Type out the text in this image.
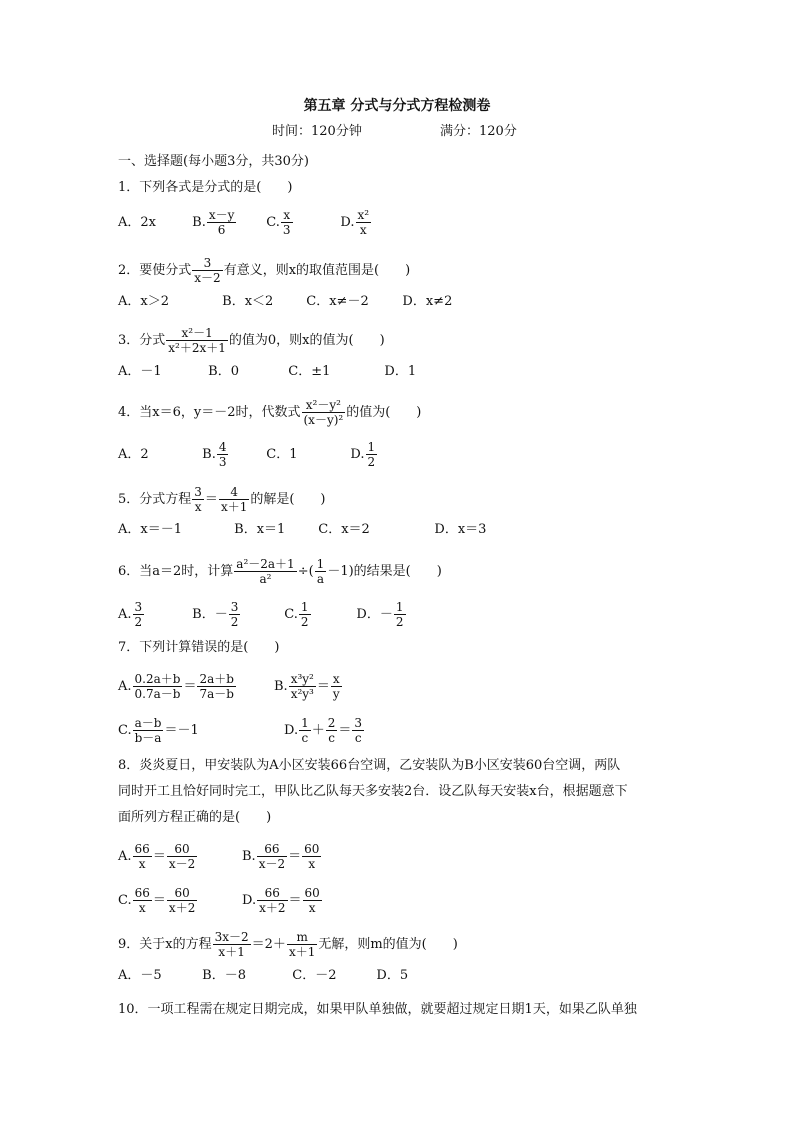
第五章 分式与分式方程检测卷
时间：120分钟	满分：120分
一、选择题(每小题3分，共30分)
1．下列各式是分式的是(　　)
A．2x	B. $\frac{x-y}{6} C$. $\frac{x}{3}$	D. $\frac{\text{x²}}{x}$
2．要使分式 $\frac{3}{x-2}$ 有意义，则x的取值范围是(　　)
A．x＞2	B．x＜2	C．x≠－2	D．x≠2
3．分式 $\frac{\text{x²－1}}{\text{x²＋2x＋1}}$ 的值为0，则x的值为(　　)
A．－1	B．0	C．±1	D．1
4．当x＝6，y＝－2时，代数式 $\frac{\text{x²－y²}}{\text{(x－y)²}}$ 的值为(　　)
A．2	B. $\frac{4}{3}$	C．1	D. $\frac{1}{2}$
5．分式方程 $\frac{3}{x} = \frac{4}{x+1}$ 的解是(　　)
A．x＝－1	B．x＝1	C．x＝2	D．x＝3
6．当a＝2时，计算 $\frac{\text{a²－2a＋1}}{\text{a²}}$ ÷( $\frac{1}{a} -1$)的结果是(　　)
A. $\frac{3}{2}$	B．－ $\frac{3}{2}$	C. $\frac{1}{2}$	D．－ $\frac{1}{2}$
7．下列计算错误的是(　　)
A. $\frac{0.2a+b}{0.7a-b} = \frac{2a+b}{7a-b}$	B. $\frac{\text{x³y²}}{\text{x²y³}} = \frac{x}{y}$
C. $\frac{a-b}{b-a} =-1$	D. $\frac{1}{c} + \frac{2}{c} = \frac{3}{c}$
8．炎炎夏日，甲安装队为A小区安装66台空调，乙安装队为B小区安装60台空调，两队
同时开工且恰好同时完工，甲队比乙队每天多安装2台．设乙队每天安装x台，根据题意下
面所列方程正确的是(　　)
A. $\frac{66}{x} = \frac{60}{x-2}$	B. $\frac{66}{x-2} = \frac{60}{x}$
C. $\frac{66}{x} = \frac{60}{x+2}$	D. $\frac{66}{x+2} = \frac{60}{x}$
9．关于x的方程 $\frac{3x-2}{x+1} =2+ \frac{m}{x+1}$ 无解，则m的值为(　　)
A．－5	B．－8	C．－2	D．5
10．一项工程需在规定日期完成，如果甲队单独做，就要超过规定日期1天，如果乙队单独
